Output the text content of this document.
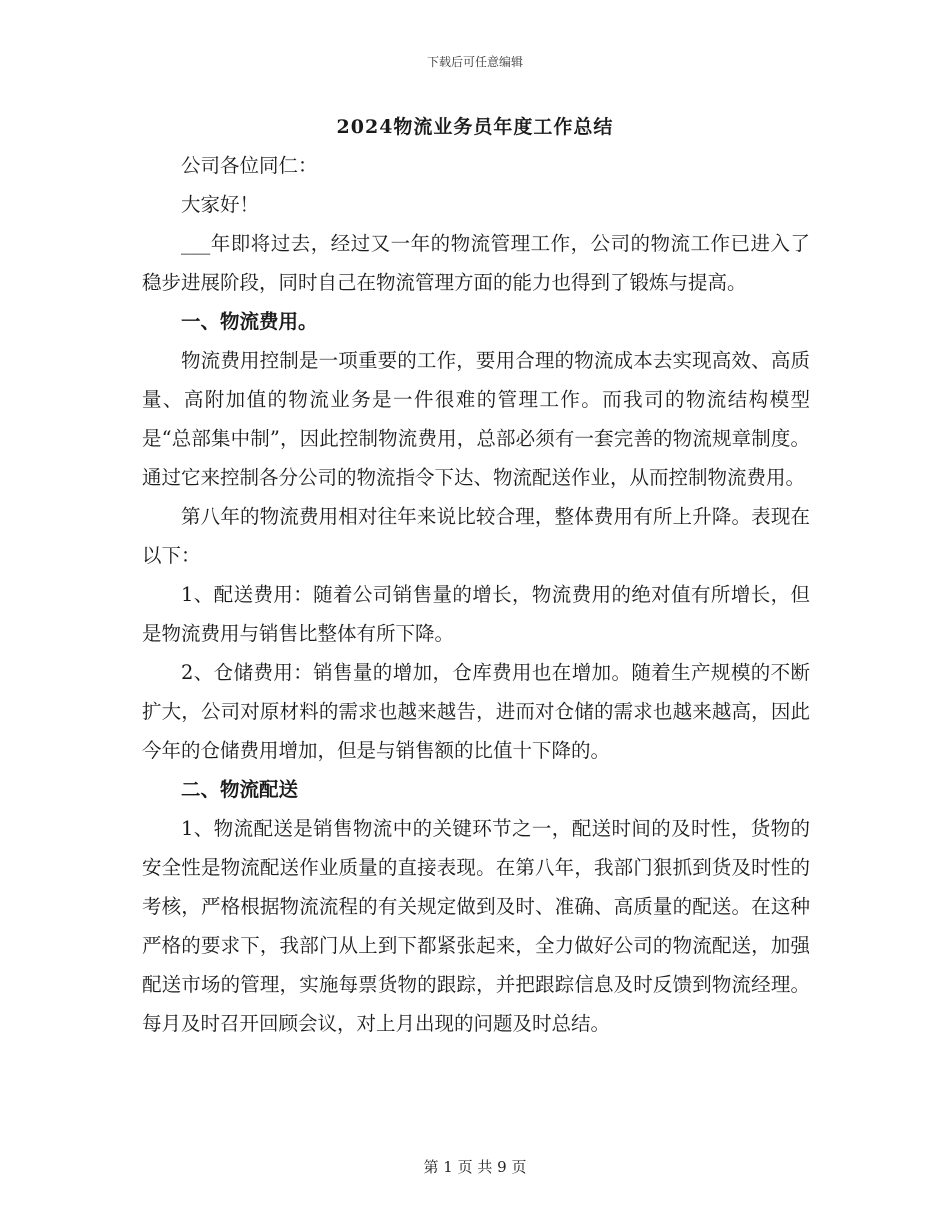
下载后可任意编辑
2024物流业务员年度工作总结

公司各位同仁：

大家好！

___年即将过去，经过又一年的物流管理工作，公司的物流工作已进入了稳步进展阶段，同时自己在物流管理方面的能力也得到了锻炼与提高。

一、物流费用。

物流费用控制是一项重要的工作，要用合理的物流成本去实现高效、高质量、高附加值的物流业务是一件很难的管理工作。而我司的物流结构模型是“总部集中制”，因此控制物流费用，总部必须有一套完善的物流规章制度。通过它来控制各分公司的物流指令下达、物流配送作业，从而控制物流费用。

第八年的物流费用相对往年来说比较合理，整体费用有所上升降。表现在以下：

1、配送费用：随着公司销售量的增长，物流费用的绝对值有所增长，但是物流费用与销售比整体有所下降。

2、仓储费用：销售量的增加，仓库费用也在增加。随着生产规模的不断扩大，公司对原材料的需求也越来越告，进而对仓储的需求也越来越高，因此今年的仓储费用增加，但是与销售额的比值十下降的。

二、物流配送

1、物流配送是销售物流中的关键环节之一，配送时间的及时性，货物的安全性是物流配送作业质量的直接表现。在第八年，我部门狠抓到货及时性的考核，严格根据物流流程的有关规定做到及时、准确、高质量的配送。在这种严格的要求下，我部门从上到下都紧张起来，全力做好公司的物流配送，加强配送市场的管理，实施每票货物的跟踪，并把跟踪信息及时反馈到物流经理。每月及时召开回顾会议，对上月出现的问题及时总结。

第 1 页 共 9 页
